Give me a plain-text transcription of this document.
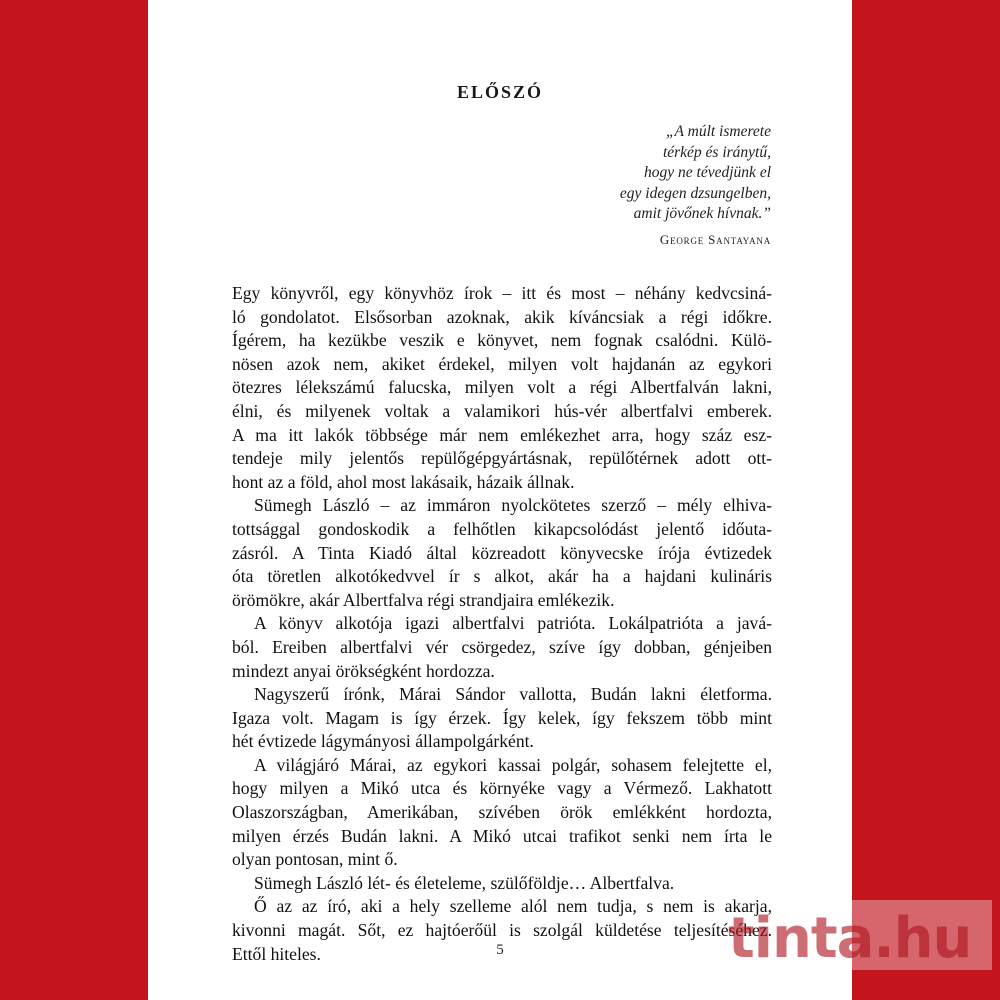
ELŐSZÓ
„A múlt ismerete
térkép és iránytű,
hogy ne tévedjünk el
egy idegen dzsungelben,
amit jövőnek hívnak.”
George Santayana
Egy könyvről, egy könyvhöz írok – itt és most – néhány kedvcsiná-
ló gondolatot. Elsősorban azoknak, akik kíváncsiak a régi időkre.
Ígérem, ha kezükbe veszik e könyvet, nem fognak csalódni. Külö-
nösen azok nem, akiket érdekel, milyen volt hajdanán az egykori
ötezres lélekszámú falucska, milyen volt a régi Albertfalván lakni,
élni, és milyenek voltak a valamikori hús-vér albertfalvi emberek.
A ma itt lakók többsége már nem emlékezhet arra, hogy száz esz-
tendeje mily jelentős repülőgépgyártásnak, repülőtérnek adott ott-
hont az a föld, ahol most lakásaik, házaik állnak.
Sümegh László – az immáron nyolckötetes szerző – mély elhiva-
tottsággal gondoskodik a felhőtlen kikapcsolódást jelentő időuta-
zásról. A Tinta Kiadó által közreadott könyvecske írója évtizedek
óta töretlen alkotókedvvel ír s alkot, akár ha a hajdani kulináris
örömökre, akár Albertfalva régi strandjaira emlékezik.
A könyv alkotója igazi albertfalvi patrióta. Lokálpatrióta a javá-
ból. Ereiben albertfalvi vér csörgedez, szíve így dobban, génjeiben
mindezt anyai örökségként hordozza.
Nagyszerű írónk, Márai Sándor vallotta, Budán lakni életforma.
Igaza volt. Magam is így érzek. Így kelek, így fekszem több mint
hét évtizede lágymányosi állampolgárként.
A világjáró Márai, az egykori kassai polgár, sohasem felejtette el,
hogy milyen a Mikó utca és környéke vagy a Vérmező. Lakhatott
Olaszországban, Amerikában, szívében örök emlékként hordozta,
milyen érzés Budán lakni. A Mikó utcai trafikot senki nem írta le
olyan pontosan, mint ő.
Sümegh László lét- és életeleme, szülőföldje… Albertfalva.
Ő az az író, aki a hely szelleme alól nem tudja, s nem is akarja,
kivonni magát. Sőt, ez hajtóerőül is szolgál küldetése teljesítéséhez.
Ettől hiteles.	5	tinta.hu
